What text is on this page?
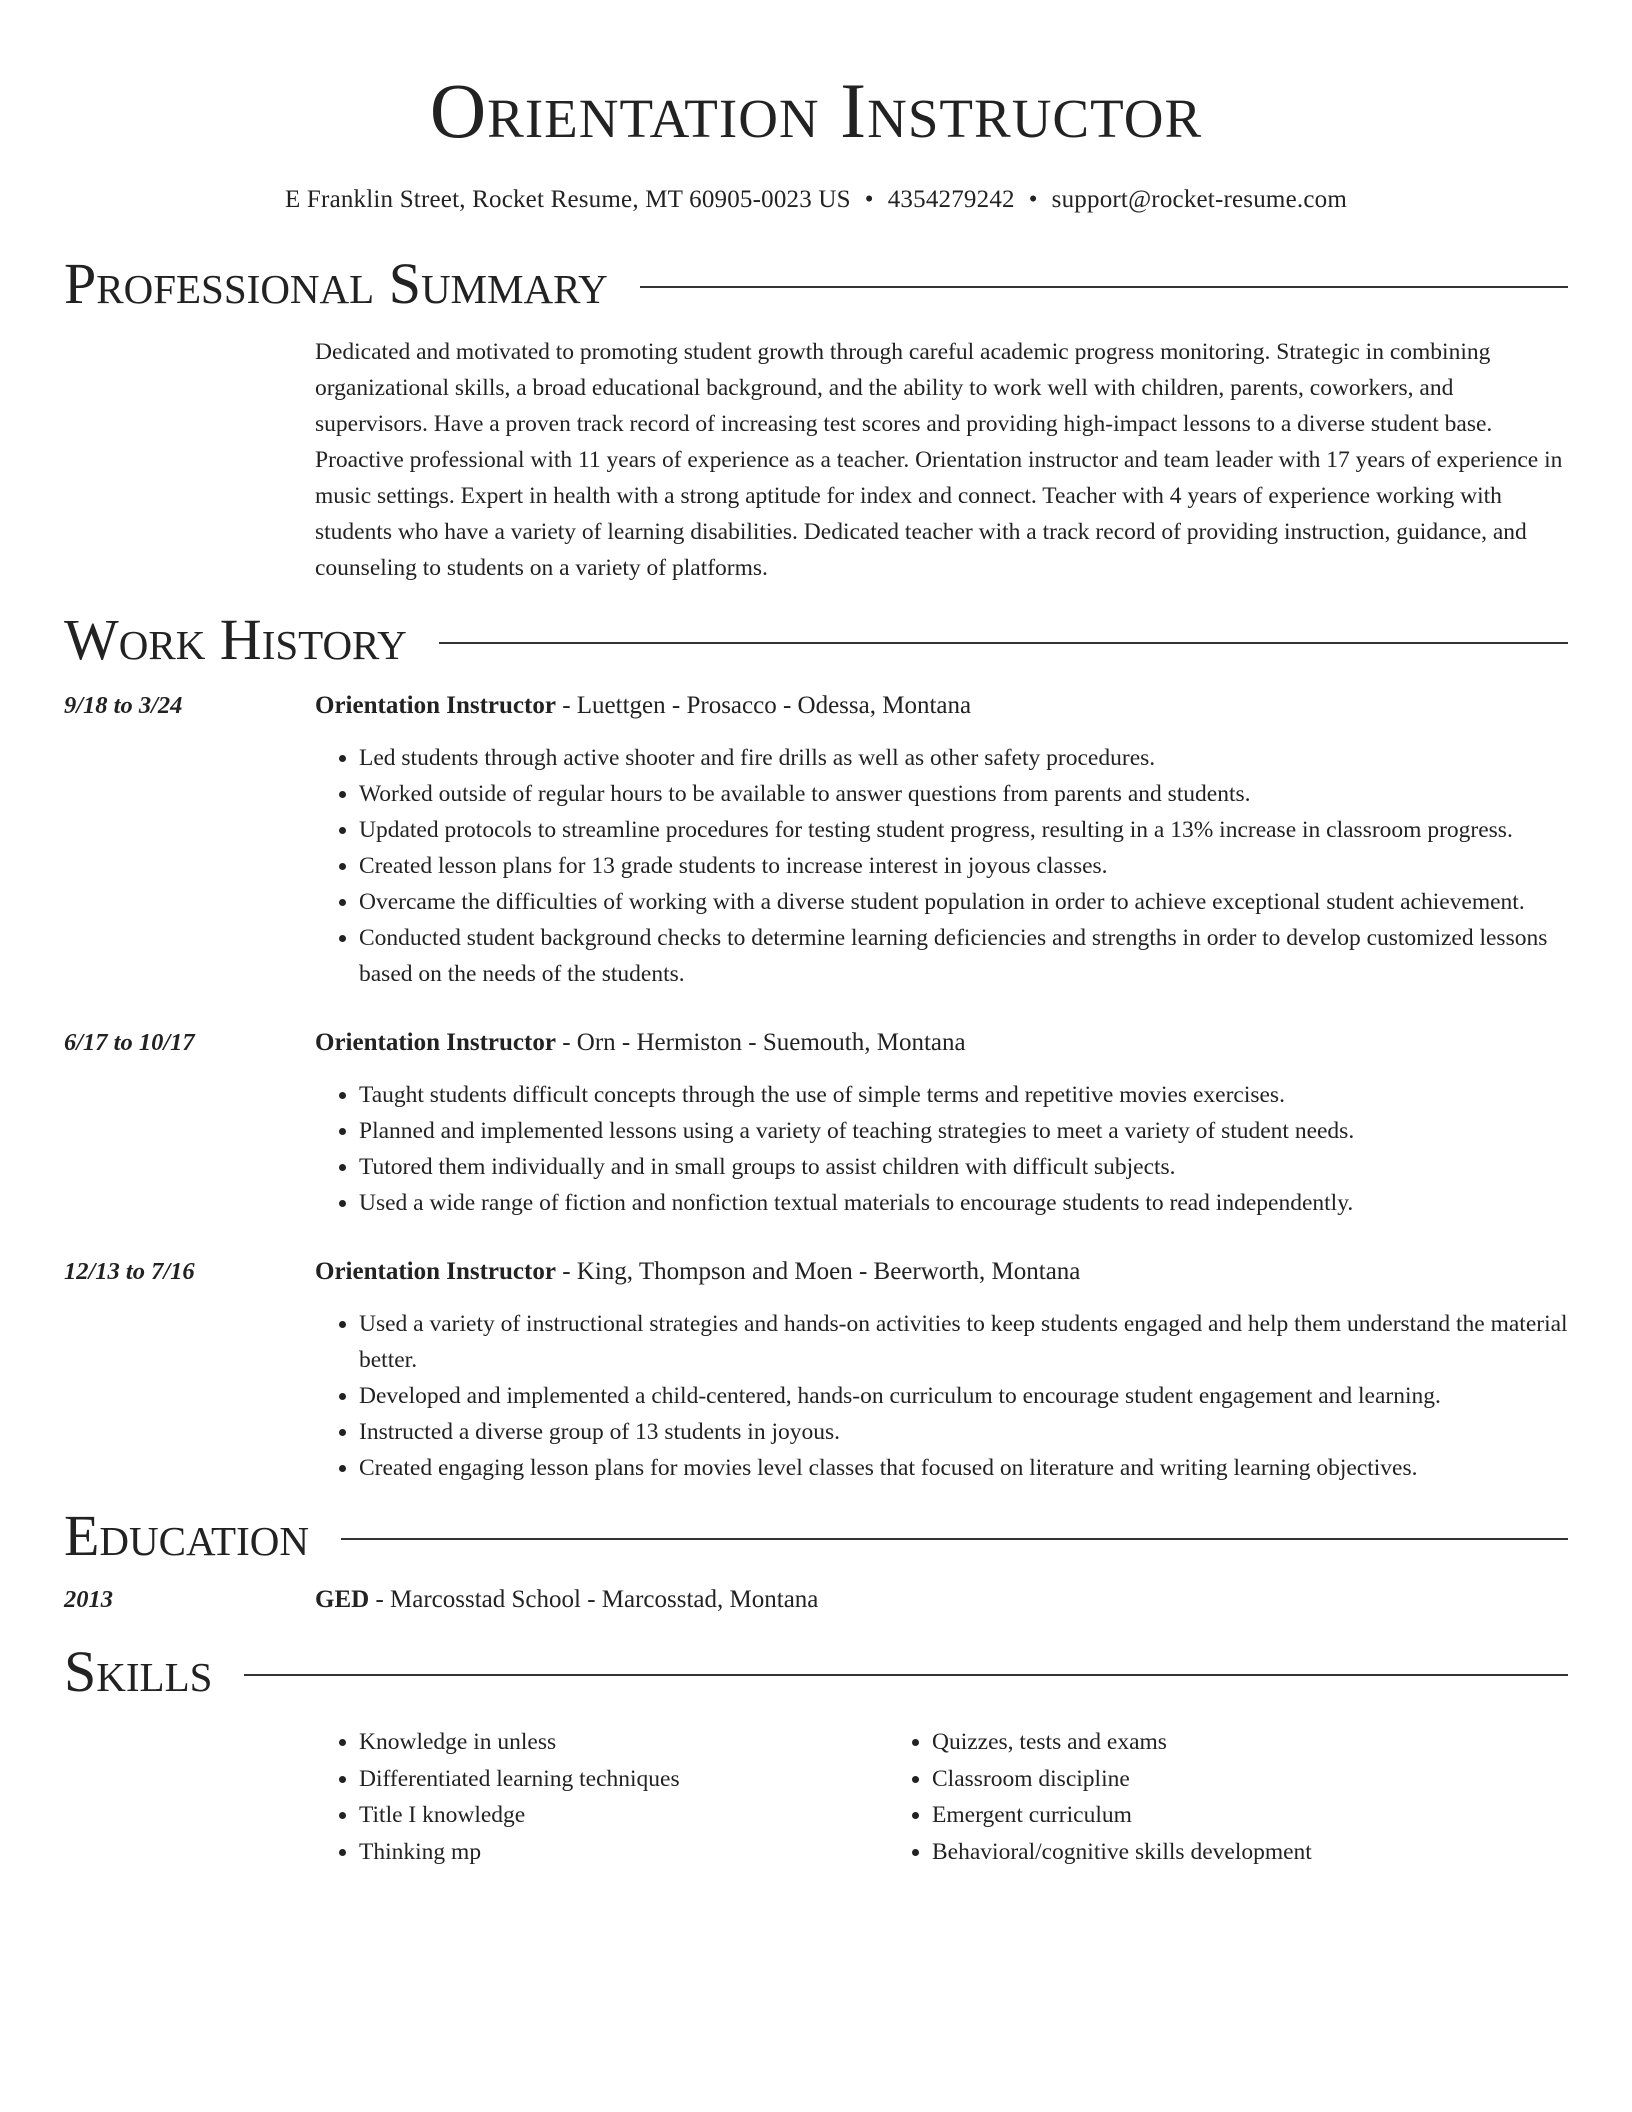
Orientation Instructor
E Franklin Street, Rocket Resume, MT 60905-0023 US • 4354279242 • support@rocket-resume.com
Professional Summary
Dedicated and motivated to promoting student growth through careful academic progress monitoring. Strategic in combining organizational skills, a broad educational background, and the ability to work well with children, parents, coworkers, and supervisors. Have a proven track record of increasing test scores and providing high-impact lessons to a diverse student base. Proactive professional with 11 years of experience as a teacher. Orientation instructor and team leader with 17 years of experience in music settings. Expert in health with a strong aptitude for index and connect. Teacher with 4 years of experience working with students who have a variety of learning disabilities. Dedicated teacher with a track record of providing instruction, guidance, and counseling to students on a variety of platforms.
Work History
9/18 to 3/24	Orientation Instructor - Luettgen - Prosacco - Odessa, Montana
• Led students through active shooter and fire drills as well as other safety procedures.
• Worked outside of regular hours to be available to answer questions from parents and students.
• Updated protocols to streamline procedures for testing student progress, resulting in a 13% increase in classroom progress.
• Created lesson plans for 13 grade students to increase interest in joyous classes.
• Overcame the difficulties of working with a diverse student population in order to achieve exceptional student achievement.
• Conducted student background checks to determine learning deficiencies and strengths in order to develop customized lessons based on the needs of the students.
6/17 to 10/17	Orientation Instructor - Orn - Hermiston - Suemouth, Montana
• Taught students difficult concepts through the use of simple terms and repetitive movies exercises.
• Planned and implemented lessons using a variety of teaching strategies to meet a variety of student needs.
• Tutored them individually and in small groups to assist children with difficult subjects.
• Used a wide range of fiction and nonfiction textual materials to encourage students to read independently.
12/13 to 7/16	Orientation Instructor - King, Thompson and Moen - Beerworth, Montana
• Used a variety of instructional strategies and hands-on activities to keep students engaged and help them understand the material better.
• Developed and implemented a child-centered, hands-on curriculum to encourage student engagement and learning.
• Instructed a diverse group of 13 students in joyous.
• Created engaging lesson plans for movies level classes that focused on literature and writing learning objectives.
Education
2013	GED - Marcosstad School - Marcosstad, Montana
Skills
• Knowledge in unless
• Differentiated learning techniques
• Title I knowledge
• Thinking mp
• Quizzes, tests and exams
• Classroom discipline
• Emergent curriculum
• Behavioral/cognitive skills development
